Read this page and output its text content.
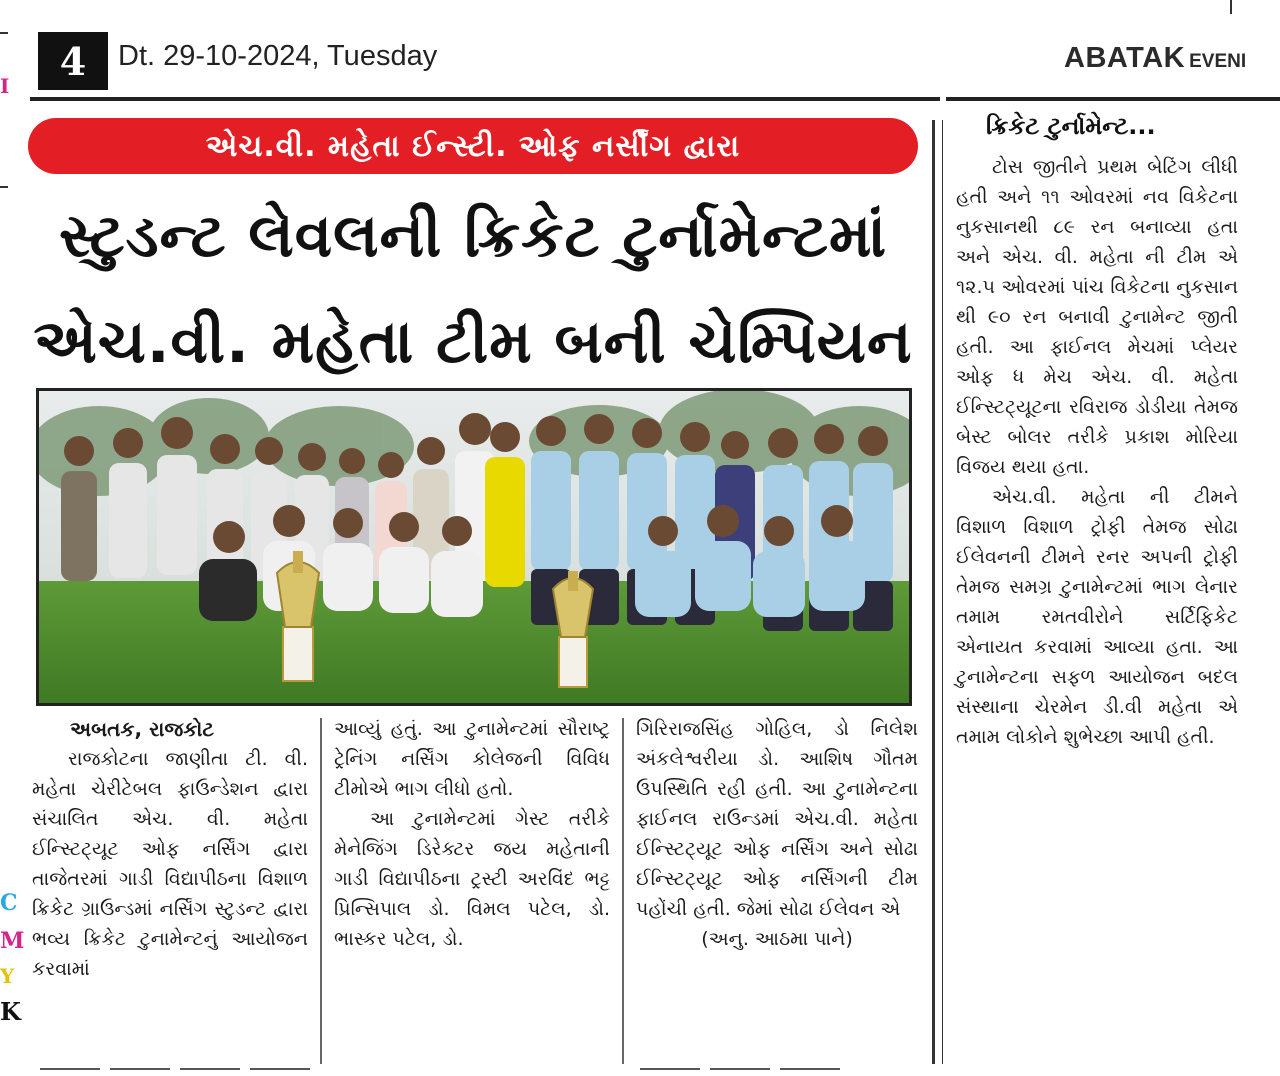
I
C
M
Y
K
4	Dt. 29-10-2024, Tuesday	ABATAK EVENI
એચ.વી. મહેતા ઈન્સ્ટી. ઓફ નર્સીંગ દ્વારા
સ્ટુડન્ટ લેવલની ક્રિકેટ ટુર્નામેન્ટમાં
એચ.વી. મહેતા ટીમ બની ચેમ્પિયન
અબતક, રાજકોટ

રાજકોટના જાણીતા ટી. વી. મહેતા ચેરીટેબલ ફાઉન્ડેશન દ્વારા સંચાલિત એચ. વી. મહેતા ઈન્સ્ટિટ્યૂટ ઓફ નર્સિંગ દ્વારા તાજેતરમાં ગાડી વિદ્યાપીઠના વિશાળ ક્રિકેટ ગ્રાઉન્ડમાં નર્સિંગ સ્ટુડન્ટ દ્વારા ભવ્ય ક્રિકેટ ટુનામેન્ટનું આયોજન કરવામાં

આવ્યું હતું. આ ટુનામેન્ટમાં સૌરાષ્ટ્ર ટ્રેનિંગ નર્સિંગ કોલેજની વિવિધ ટીમોએ ભાગ લીધો હતો.

આ ટુનામેન્ટમાં ગેસ્ટ તરીકે મેનેજિંગ ડિરેક્ટર જય મહેતાની ગાડી વિદ્યાપીઠના ટ્રસ્ટી અરવિંદ ભટ્ટ પ્રિન્સિપાલ ડો. વિમલ પટેલ, ડો. ભાસ્કર પટેલ, ડો.

ગિરિરાજસિંહ ગોહિલ, ડો નિલેશ અંકલેશ્વરીયા ડો. આશિષ ગૌતમ ઉપસ્થિતિ રહી હતી. આ ટુનામેન્ટના ફાઈનલ રાઉન્ડમાં એચ.વી. મહેતા ઈન્સ્ટિટ્યૂટ ઓફ નર્સિંગ અને સોઢા ઈન્સ્ટિટ્યૂટ ઓફ નર્સિંગની ટીમ પહોંચી હતી. જેમાં સોઢા ઈલેવન એ

(અનુ. આઠમા પાને)

ક્રિકેટ ટુર્નામેન્ટ...

ટોસ જીતીને પ્રથમ બેટિંગ લીધી હતી અને ૧૧ ઓવરમાં નવ વિકેટના નુકસાનથી ૮૯ રન બનાવ્યા હતા અને એચ. વી. મહેતા ની ટીમ એ ૧૨.૫ ઓવરમાં પાંચ વિકેટના નુકસાન થી ૯૦ રન બનાવી ટુનામેન્ટ જીતી હતી. આ ફાઈનલ મેચમાં પ્લેયર ઓફ ધ મેચ એચ. વી. મહેતા ઈન્સ્ટિટ્યૂટના રવિરાજ ડોડીયા તેમજ બેસ્ટ બોલર તરીકે પ્રકાશ મોરિયા વિજય થયા હતા.

એચ.વી. મહેતા ની ટીમને વિશાળ વિશાળ ટ્રોફી તેમજ સોઢા ઈલેવનની ટીમને રનર અપની ટ્રોફી તેમજ સમગ્ર ટુનામેન્ટમાં ભાગ લેનાર તમામ રમતવીરોને સર્ટિફિકેટ એનાયત કરવામાં આવ્યા હતા. આ ટુનામેન્ટના સફળ આયોજન બદલ સંસ્થાના ચેરમેન ડી.વી મહેતા એ તમામ લોકોને શુભેચ્છા આપી હતી.
